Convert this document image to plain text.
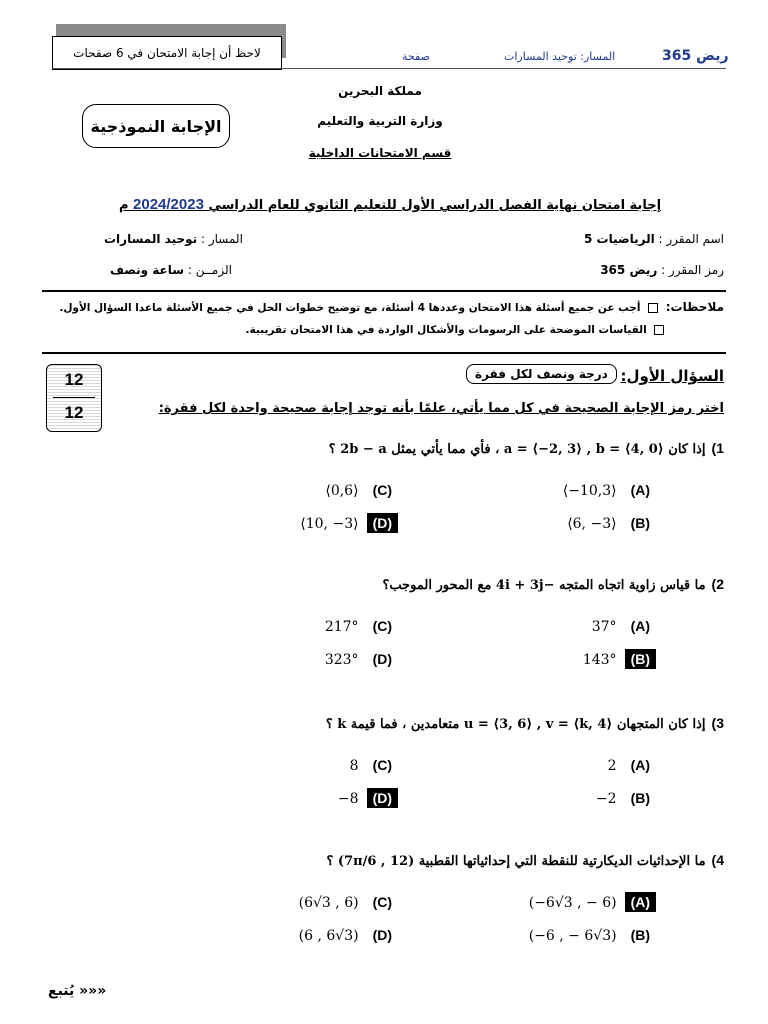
لاحظ أن إجابة الامتحان في 6 صفحات	صفحة	المسار: توحيد المسارات	ريض 365
مملكة البحرين
وزارة التربية والتعليم
قسم الامتحانات الداخلية
الإجابة النموذجية
إجابة امتحان نهاية الفصل الدراسي الأول للتعليم الثانوي للعام الدراسي 2024/2023 م
اسم المقرر : الرياضيات 5
المسار : توحيد المسارات
رمز المقرر : ريض 365
الزمــن : ساعة ونصف
ملاحظات:  أجب عن جميع أسئلة هذا الامتحان وعددها 4 أسئلة، مع توضيح خطوات الحل في جميع الأسئلة ماعدا السؤال الأول.
القياسات الموضحة على الرسومات والأشكال الواردة في هذا الامتحان تقريبية.
السؤال الأول:
درجة ونصف لكل فقرة
12
12	اختر رمز الإجابة الصحيحة في كل مما يأتي، علمًا بأنه توجد إجابة صحيحة واحدة لكل فقرة:
1)إذا كان a = ⟨−2, 3⟩ , b = ⟨4, 0⟩ ، فأي مما يأتي يمثل 2b − a ؟
⟨−10,3⟩ (A)
⟨6, −3⟩ (B)
⟨0,6⟩ (C)
⟨10, −3⟩ (D)
2)ما قياس زاوية اتجاه المتجه −4i + 3j مع المحور الموجب؟
37° (A)
143° (B)
217° (C)
323° (D)
3)إذا كان المتجهان u = ⟨3, 6⟩ , v = ⟨k, 4⟩ متعامدين ، فما قيمة k ؟
2 (A)
−2 (B)
8 (C)
−8 (D)
4)ما الإحداثيات الديكارتية للنقطة التي إحداثياتها القطبية (12 , 7π/6) ؟
(−6√3 , − 6) (A)
(−6 , − 6√3) (B)
(6√3 , 6) (C)
(6 , 6√3) (D)
««« يُتبع
